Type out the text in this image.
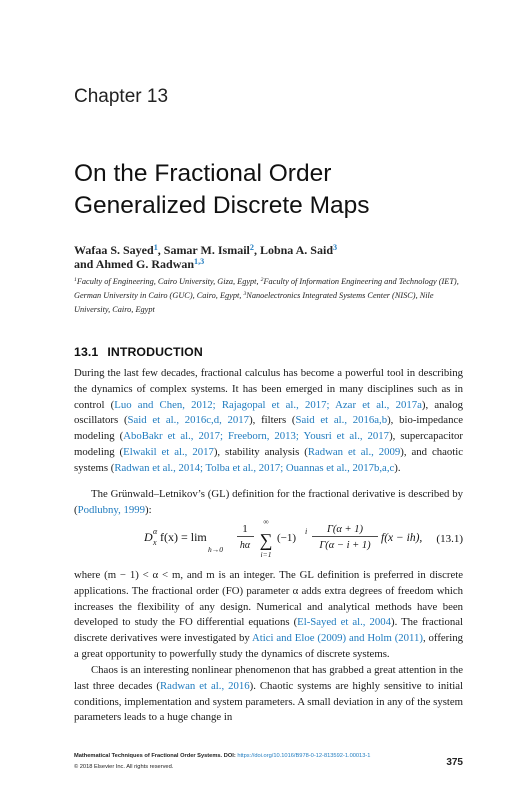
Chapter 13
On the Fractional Order
Generalized Discrete Maps
Wafaa S. Sayed$^1$, Samar M. Ismail$^2$, Lobna A. Said$^3$
and Ahmed G. Radwan$^{1,3}$
$^1$Faculty of Engineering, Cairo University, Giza, Egypt, $^2$Faculty of Information Engineering and Technology (IET), German University in Cairo (GUC), Cairo, Egypt, $^3$Nanoelectronics Integrated Systems Center (NISC), Nile University, Cairo, Egypt
13.1 INTRODUCTION
During the last few decades, fractional calculus has become a powerful tool in describing the dynamics of complex systems. It has been emerged in many disciplines such as in control (Luo and Chen, 2012; Rajagopal et al., 2017; Azar et al., 2017a), analog oscillators (Said et al., 2016c,d, 2017), filters (Said et al., 2016a,b), bio-impedance modeling (AboBakr et al., 2017; Freeborn, 2013; Yousri et al., 2017), supercapacitor modeling (Elwakil et al., 2017), stability analysis (Radwan et al., 2009), and chaotic systems (Radwan et al., 2014; Tolba et al., 2017; Ouannas et al., 2017b,a,c).
The Grünwald–Letnikov’s (GL) definition for the fractional derivative is described by (Podlubny, 1999):
D α
x f(x) = lim
h→0
1
hα
∞
∑
i=1
(−1)
i Γ(α + 1)
Γ(α − i + 1)
f(x − ih), (13.1)
where (m − 1) < α < m, and m is an integer. The GL definition is preferred in discrete applications. The fractional order (FO) parameter α adds extra degrees of freedom which increases the flexibility of any design. Numerical and analytical methods have been developed to study the FO differential equations (El-Sayed et al., 2004). The fractional discrete derivatives were investigated by Atici and Eloe (2009) and Holm (2011), offering a great opportunity to powerfully study the dynamics of discrete systems.
Chaos is an interesting nonlinear phenomenon that has grabbed a great attention in the last three decades (Radwan et al., 2016). Chaotic systems are highly sensitive to initial conditions, implementation and system parameters. A small deviation in any of the system parameters leads to a huge change in
Mathematical Techniques of Fractional Order Systems. DOI: https://doi.org/10.1016/B978-0-12-813592-1.00013-1
© 2018 Elsevier Inc. All rights reserved.	375
